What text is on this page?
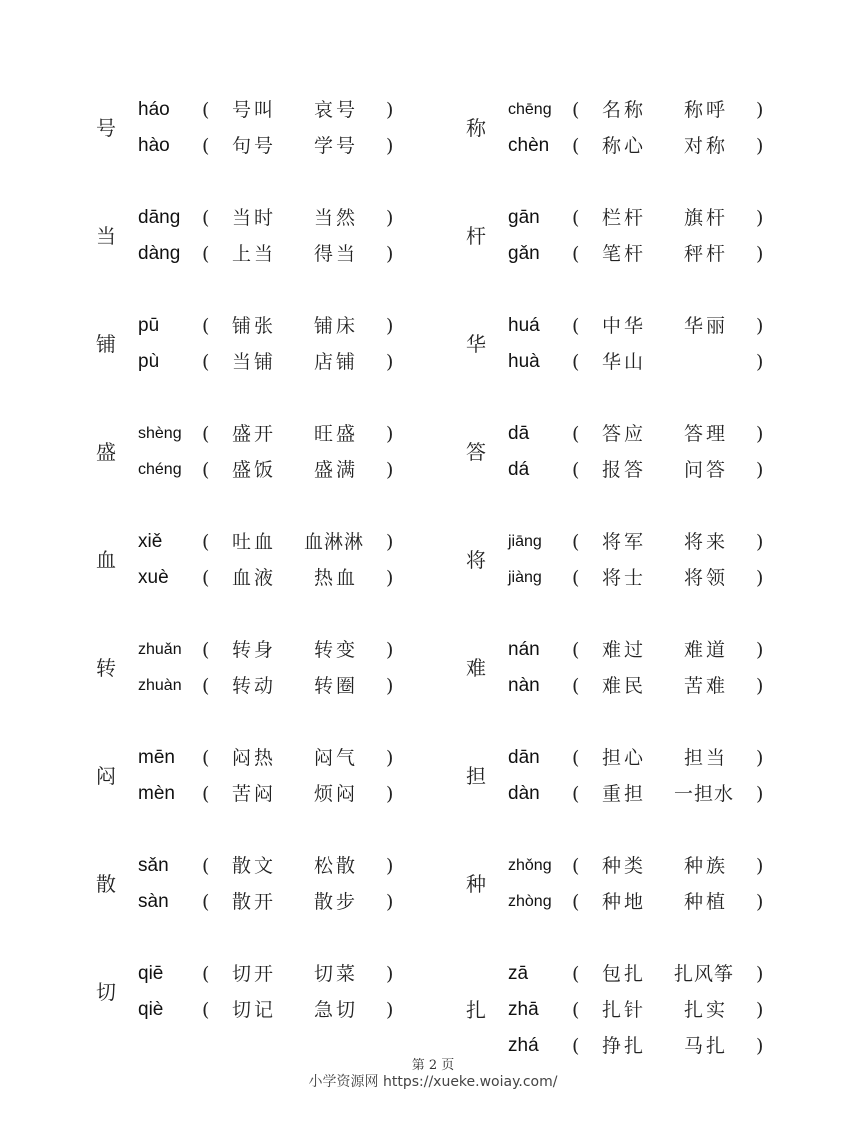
号
háo ( 号叫 哀号 )
hào ( 句号 学号 )
当
dāng ( 当时 当然 )
dàng ( 上当 得当 )
铺
pū ( 铺张 铺床 )
pù ( 当铺 店铺 )
盛
shèng ( 盛开 旺盛 )
chéng ( 盛饭 盛满 )
血
xiě ( 吐血 血淋淋 )
xuè ( 血液 热血 )
转
zhuǎn ( 转身 转变 )
zhuàn ( 转动 转圈 )
闷
mēn ( 闷热 闷气 )
mèn ( 苦闷 烦闷 )
散
sǎn ( 散文 松散 )
sàn ( 散开 散步 )
切
qiē ( 切开 切菜 )
qiè ( 切记 急切 )
称
chēng ( 名称 称呼 )
chèn ( 称心 对称 )
杆
gān ( 栏杆 旗杆 )
gǎn ( 笔杆 秤杆 )
华
huá ( 中华 华丽 )
huà ( 华山	)
答
dā ( 答应 答理 )
dá ( 报答 问答 )
将
jiāng ( 将军 将来 )
jiàng ( 将士 将领 )
难
nán ( 难过 难道 )
nàn ( 难民 苦难 )
担
dān ( 担心 担当 )
dàn ( 重担 一担水 )
种
zhǒng ( 种类 种族 )
zhòng ( 种地 种植 )
扎
zā ( 包扎 扎风筝 )
zhā ( 扎针 扎实 )
zhá ( 挣扎 马扎 )
第 2 页
小学资源网 https://xueke.woiay.com/
